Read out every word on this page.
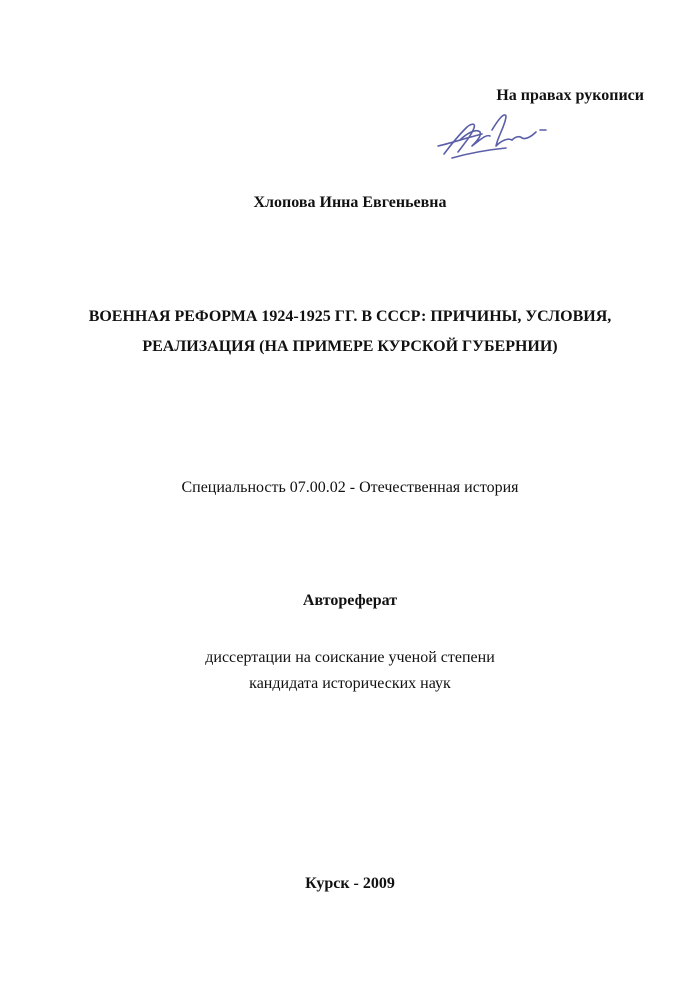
На правах рукописи
Хлопова Инна Евгеньевна
ВОЕННАЯ РЕФОРМА 1924-1925 ГГ. В СССР: ПРИЧИНЫ, УСЛОВИЯ,
РЕАЛИЗАЦИЯ (НА ПРИМЕРЕ КУРСКОЙ ГУБЕРНИИ)
Специальность 07.00.02 - Отечественная история
Автореферат
диссертации на соискание ученой степени
кандидата исторических наук
Курск - 2009
